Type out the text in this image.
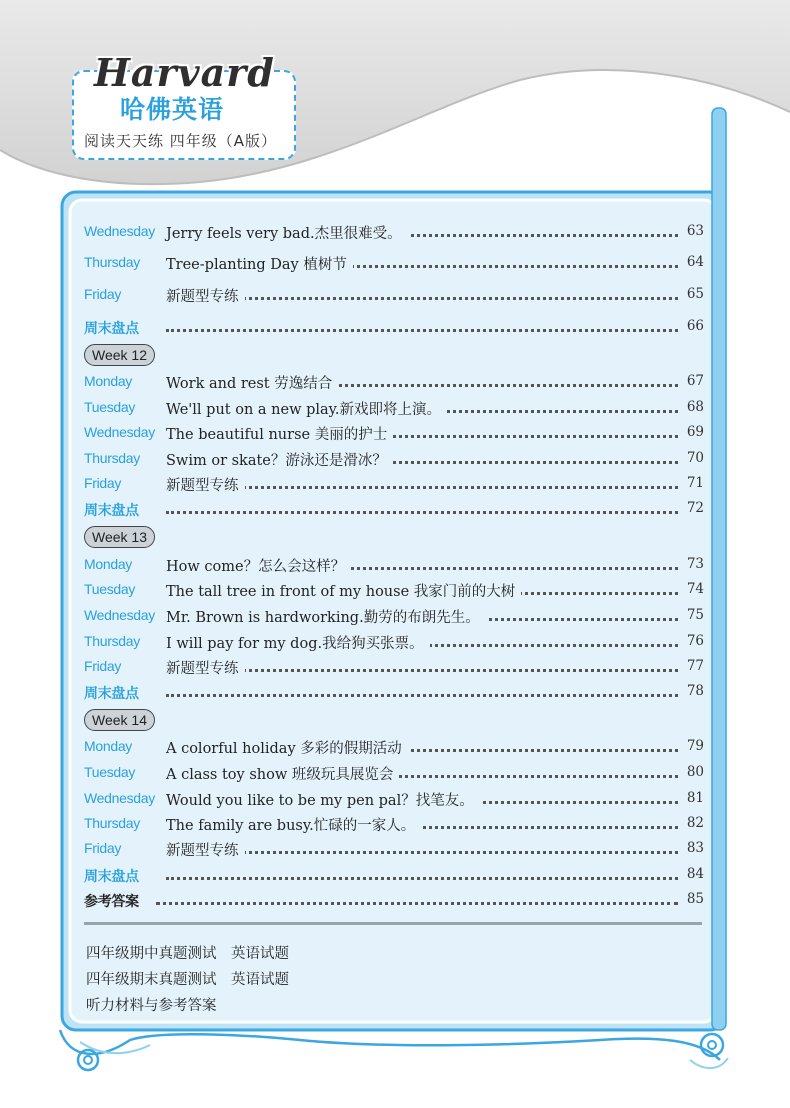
Harvard
哈佛英语
阅读天天练 四年级（A版）
Wednesday Jerry feels very bad.杰里很难受。	63
Thursday Tree-planting Day 植树节	64
Friday	新题型专练	65
周末盘点	66
Week 12
Monday Work and rest 劳逸结合	67
Tuesday We'll put on a new play.新戏即将上演。	68
Wednesday The beautiful nurse 美丽的护士	69
Thursday Swim or skate？游泳还是滑冰？	70
Friday	新题型专练	71
周末盘点	72
Week 13
Monday How come？怎么会这样？	73
Tuesday The tall tree in front of my house 我家门前的大树	74
Wednesday Mr. Brown is hardworking.勤劳的布朗先生。	75
Thursday I will pay for my dog.我给狗买张票。	76
Friday	新题型专练	77
周末盘点	78
Week 14
Monday A colorful holiday 多彩的假期活动	79
Tuesday A class toy show 班级玩具展览会	80
Wednesday Would you like to be my pen pal？找笔友。	81
Thursday The family are busy.忙碌的一家人。	82
Friday	新题型专练	83
周末盘点	84
参考答案	85
四年级期中真题测试　英语试题
四年级期末真题测试　英语试题
听力材料与参考答案
